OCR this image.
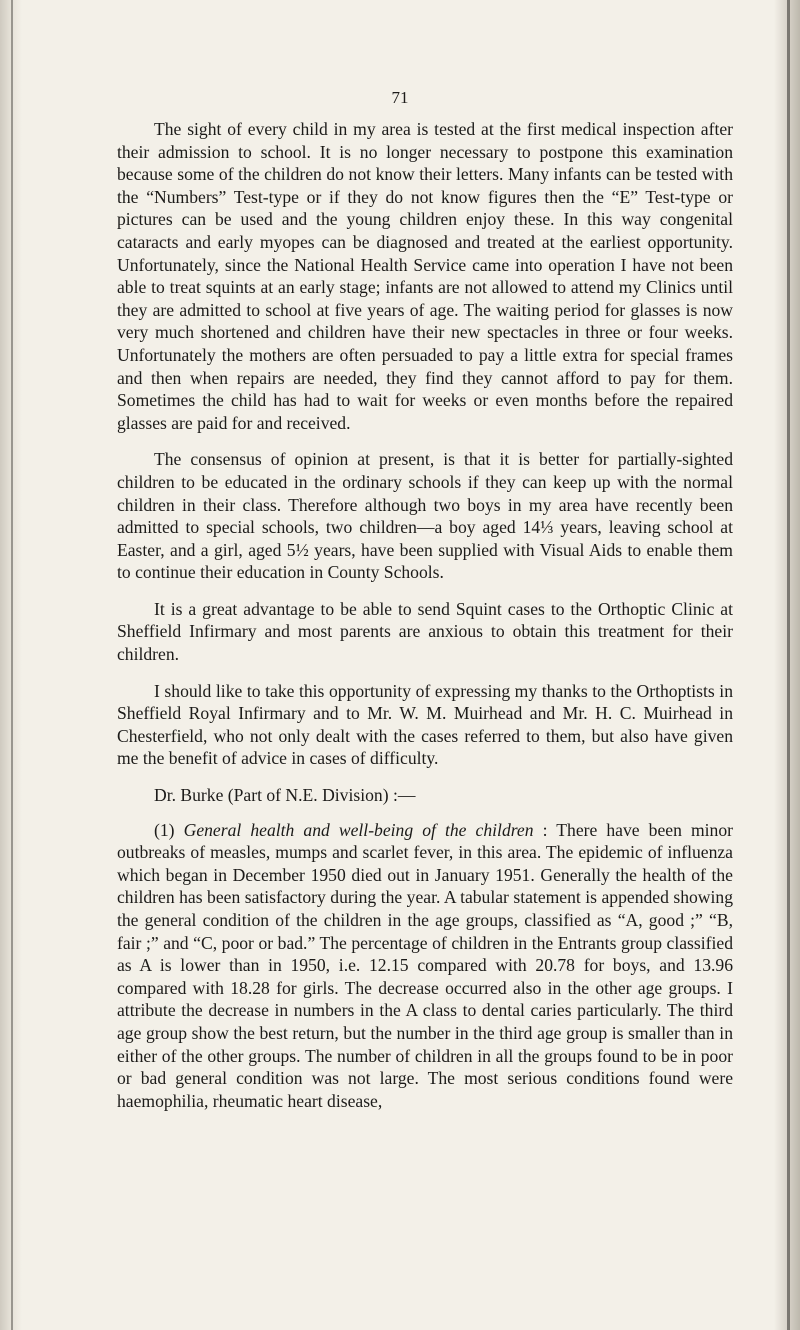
71

The sight of every child in my area is tested at the first medical inspection after their admission to school. It is no longer necessary to postpone this examination because some of the children do not know their letters. Many infants can be tested with the “Numbers” Test-type or if they do not know figures then the “E” Test-type or pictures can be used and the young children enjoy these. In this way congenital cataracts and early myopes can be diagnosed and treated at the earliest opportunity. Unfortunately, since the National Health Service came into operation I have not been able to treat squints at an early stage; infants are not allowed to attend my Clinics until they are admitted to school at five years of age. The waiting period for glasses is now very much shortened and children have their new spectacles in three or four weeks. Unfortunately the mothers are often persuaded to pay a little extra for special frames and then when repairs are needed, they find they cannot afford to pay for them. Sometimes the child has had to wait for weeks or even months before the repaired glasses are paid for and received.

The consensus of opinion at present, is that it is better for partially-sighted children to be educated in the ordinary schools if they can keep up with the normal children in their class. Therefore although two boys in my area have recently been admitted to special schools, two children—a boy aged 14⅓ years, leaving school at Easter, and a girl, aged 5½ years, have been supplied with Visual Aids to enable them to continue their education in County Schools.

It is a great advantage to be able to send Squint cases to the Orthoptic Clinic at Sheffield Infirmary and most parents are anxious to obtain this treatment for their children.

I should like to take this opportunity of expressing my thanks to the Orthoptists in Sheffield Royal Infirmary and to Mr. W. M. Muirhead and Mr. H. C. Muirhead in Chesterfield, who not only dealt with the cases referred to them, but also have given me the benefit of advice in cases of difficulty.

Dr. Burke (Part of N.E. Division) :—

(1) General health and well-being of the children : There have been minor outbreaks of measles, mumps and scarlet fever, in this area. The epidemic of influenza which began in December 1950 died out in January 1951. Generally the health of the children has been satisfactory during the year. A tabular statement is appended showing the general condition of the children in the age groups, classified as “A, good ;” “B, fair ;” and “C, poor or bad.” The percentage of children in the Entrants group classified as A is lower than in 1950, i.e. 12.15 compared with 20.78 for boys, and 13.96 compared with 18.28 for girls. The decrease occurred also in the other age groups. I attribute the decrease in numbers in the A class to dental caries particularly. The third age group show the best return, but the number in the third age group is smaller than in either of the other groups. The number of children in all the groups found to be in poor or bad general condition was not large. The most serious conditions found were haemophilia, rheumatic heart disease,
